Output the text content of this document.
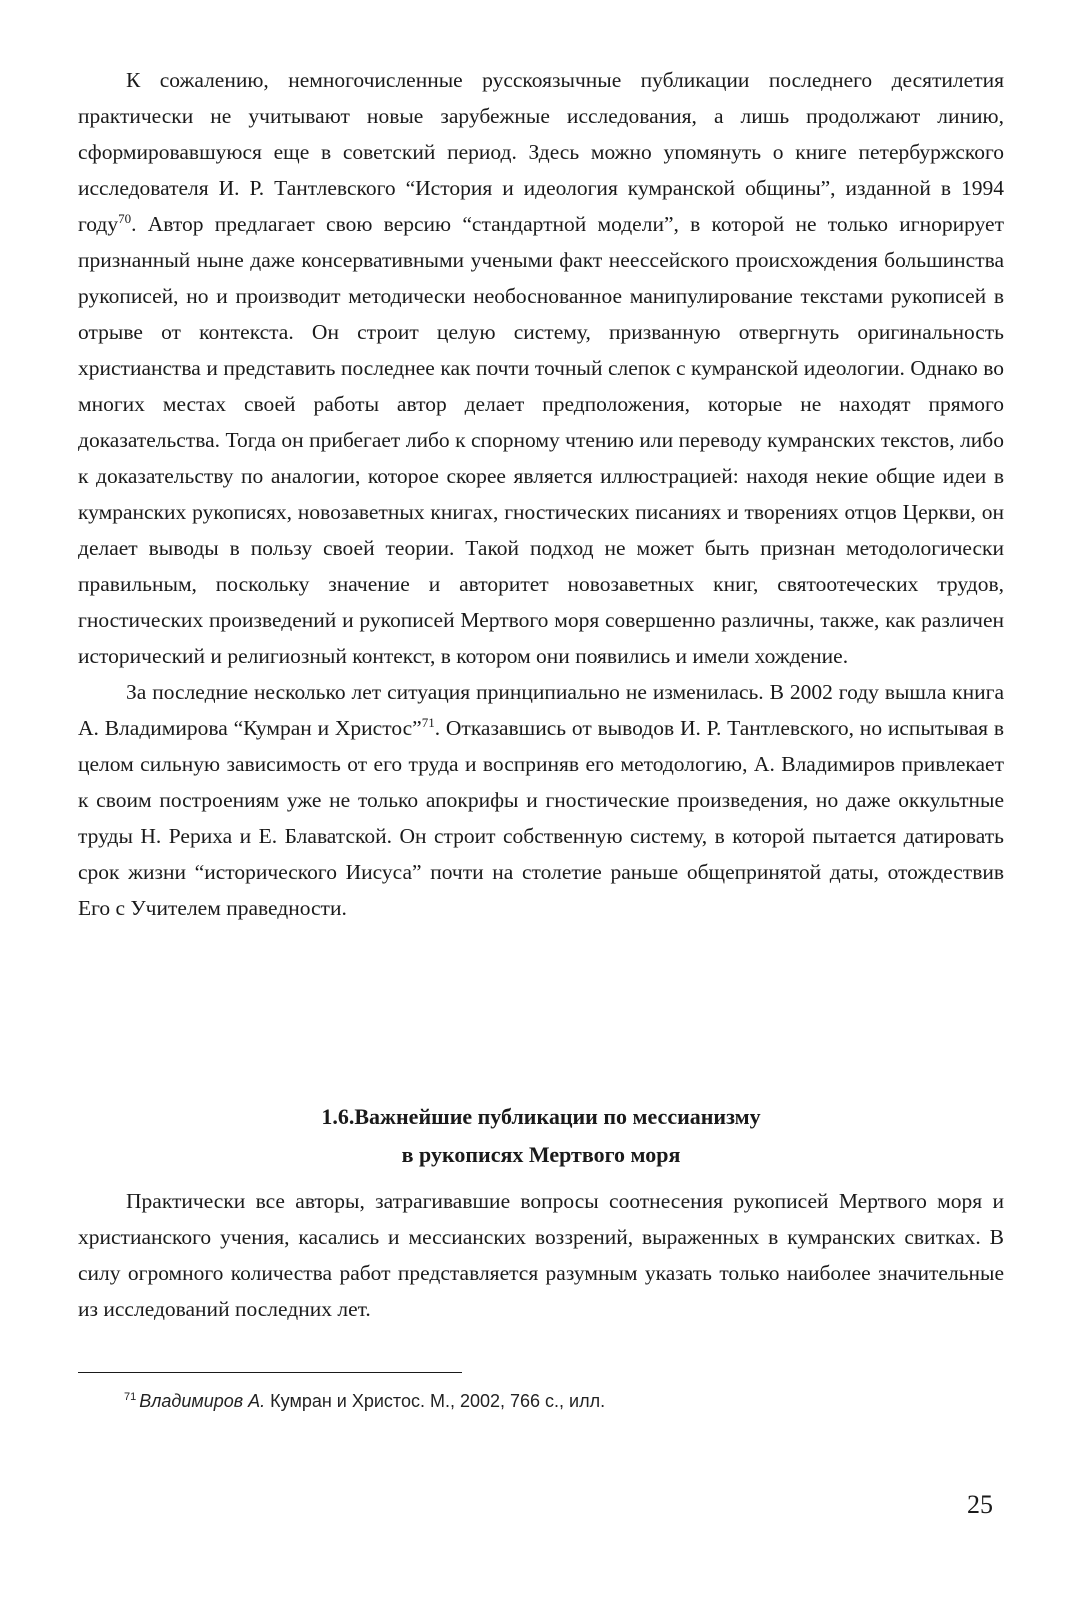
К сожалению, немногочисленные русскоязычные публикации последнего десятилетия практически не учитывают новые зарубежные исследования, а лишь продолжают линию, сформировавшуюся еще в советский период. Здесь можно упомянуть о книге петербуржского исследователя И. Р. Тантлевского “История и идеология кумранской общины”, изданной в 1994 году$^{70}$. Автор предлагает свою версию “стандартной модели”, в которой не только игнорирует признанный ныне даже консервативными учеными факт неессейского происхождения большинства рукописей, но и производит методически необоснованное манипулирование текстами рукописей в отрыве от контекста. Он строит целую систему, призванную отвергнуть оригинальность христианства и представить последнее как почти точный слепок с кумранской идеологии. Однако во многих местах своей работы автор делает предположения, которые не находят прямого доказательства. Тогда он прибегает либо к спорному чтению или переводу кумранских текстов, либо к доказательству по аналогии, которое скорее является иллюстрацией: находя некие общие идеи в кумранских рукописях, новозаветных книгах, гностических писаниях и творениях отцов Церкви, он делает выводы в пользу своей теории. Такой подход не может быть признан методологически правильным, поскольку значение и авторитет новозаветных книг, святоотеческих трудов, гностических произведений и рукописей Мертвого моря совершенно различны, также, как различен исторический и религиозный контекст, в котором они появились и имели хождение.

За последние несколько лет ситуация принципиально не изменилась. В 2002 году вышла книга А. Владимирова “Кумран и Христос”$^{71}$. Отказавшись от выводов И. Р. Тантлевского, но испытывая в целом сильную зависимость от его труда и восприняв его методологию, А. Владимиров привлекает к своим построениям уже не только апокрифы и гностические произведения, но даже оккультные труды Н. Рериха и Е. Блаватской. Он строит собственную систему, в которой пытается датировать срок жизни “исторического Иисуса” почти на столетие раньше общепринятой даты, отождествив Его с Учителем праведности.

1.6.Важнейшие публикации по мессианизму
в рукописях Мертвого моря

Практически все авторы, затрагивавшие вопросы соотнесения рукописей Мертвого моря и христианского учения, касались и мессианских воззрений, выраженных в кумранских свитках. В силу огромного количества работ представляется разумным указать только наиболее значительные из исследований последних лет.

$^{71}$ Владимиров А. Кумран и Христос. М., 2002, 766 с., илл.
25
